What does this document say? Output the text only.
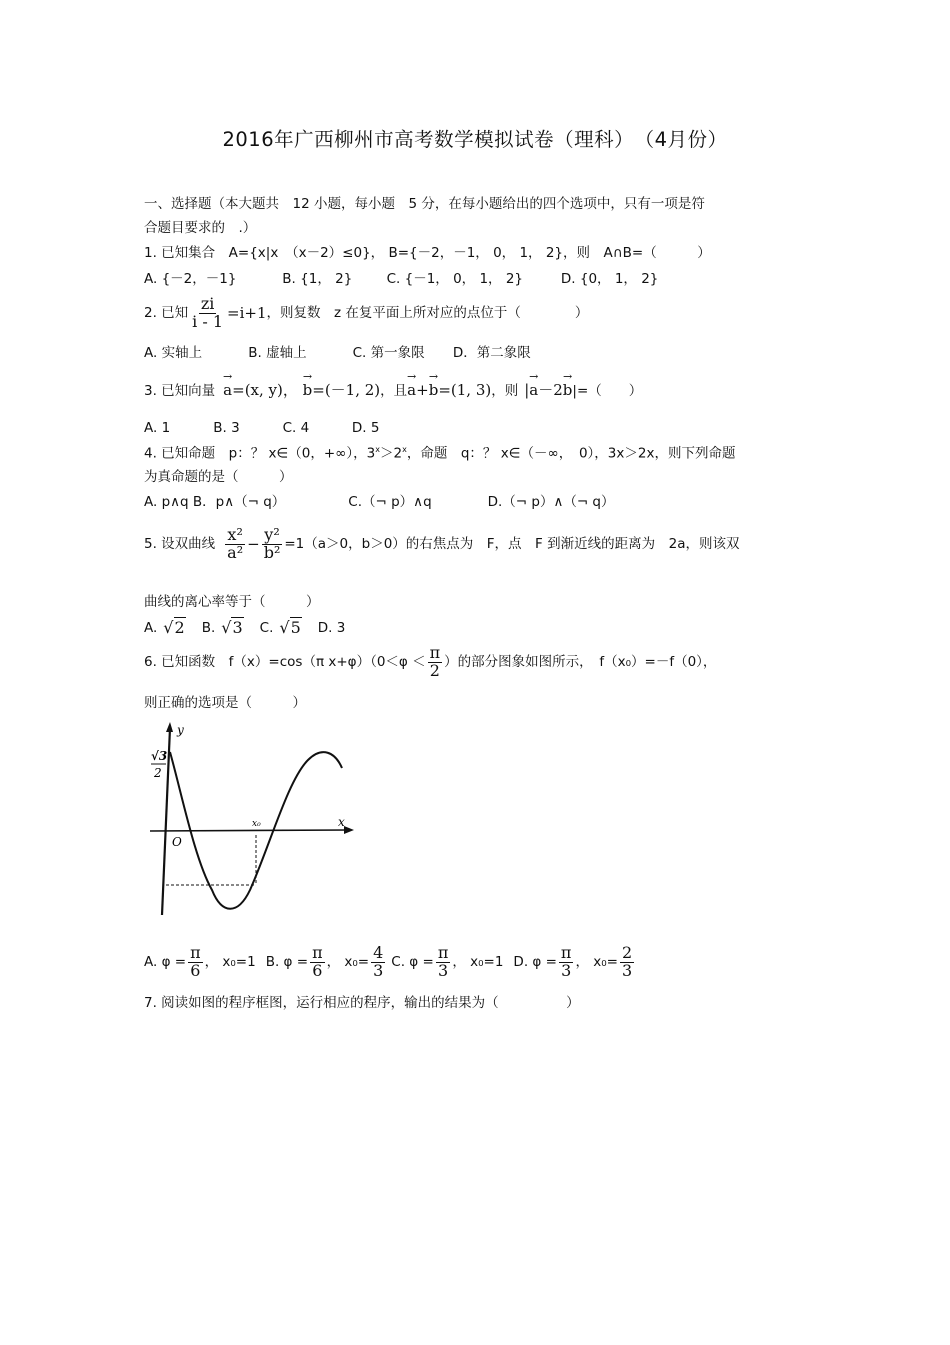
2016年广西柳州市高考数学模拟试卷（理科）　（4月份）
一、选择题（本大题共　12 小题，每小题　5 分，在每小题给出的四个选项中，只有一项是符
合题目要求的　.）
1. 已知集合　A={x|x　（x－2）≤0}， B={－2，－1， 0， 1， 2}，则　A∩B=（　　　）
A. {－2，－1}	B. {1， 2}	C. {－1， 0， 1， 2}	D. {0， 1， 2}
2. 已知 $\frac{zi}{i - 1} =i+1$ ，则复数　z 在复平面上所对应的点位于（　　　　）
A. 实轴上	B. 虚轴上	C. 第一象限 D．第二象限
3. 已知向量 → a=(x, y)， → b=(－1, 2) ，且 → a+→ b=(1, 3) ，则 |→ a－2→ b |=（　　）
A. 1	B. 3	C. 4	D. 5
4. 已知命题　p：？ x∈（0，+∞），$3^x>2^x$，命题　q：？ x∈（－∞，　0），3x＞2x，则下列命题
为真命题的是（　　　）
A. p∧q B．p∧（¬ q）	C.（¬ p）∧q	D.（¬ p）∧（¬ q）
5. 设双曲线 $\frac{\text{x²}}{\text{a²}} - \frac{\text{y²}}{\text{b²}} =1(a>0$，b＞0）的右焦点为　F，点　F 到渐近线的距离为　2a，则该双
曲线的离心率等于（　　　）
A. √2 B. √3 C. √5 D. 3
6. 已知函数　f（x）=cos（π $x+\varphi)(0<\varphi < \frac{\pi}{2}$ ）的部分图象如图所示，　f（x₀）=－f（0），
则正确的选项是（　　　）
y
x
O
√3
2
x₀
A. $\varphi = \frac{\pi}{6}$ ， x₀=1 B. $\varphi = \frac{\pi}{6}$ ， $x_0= \frac{4}{3} C$. $\varphi = \frac{\pi}{3}$ ， x₀=1 D. $\varphi = \frac{\pi}{3}$ ， $x_0= \frac{2}{3}$
7. 阅读如图的程序框图，运行相应的程序，输出的结果为（　　　　　）
